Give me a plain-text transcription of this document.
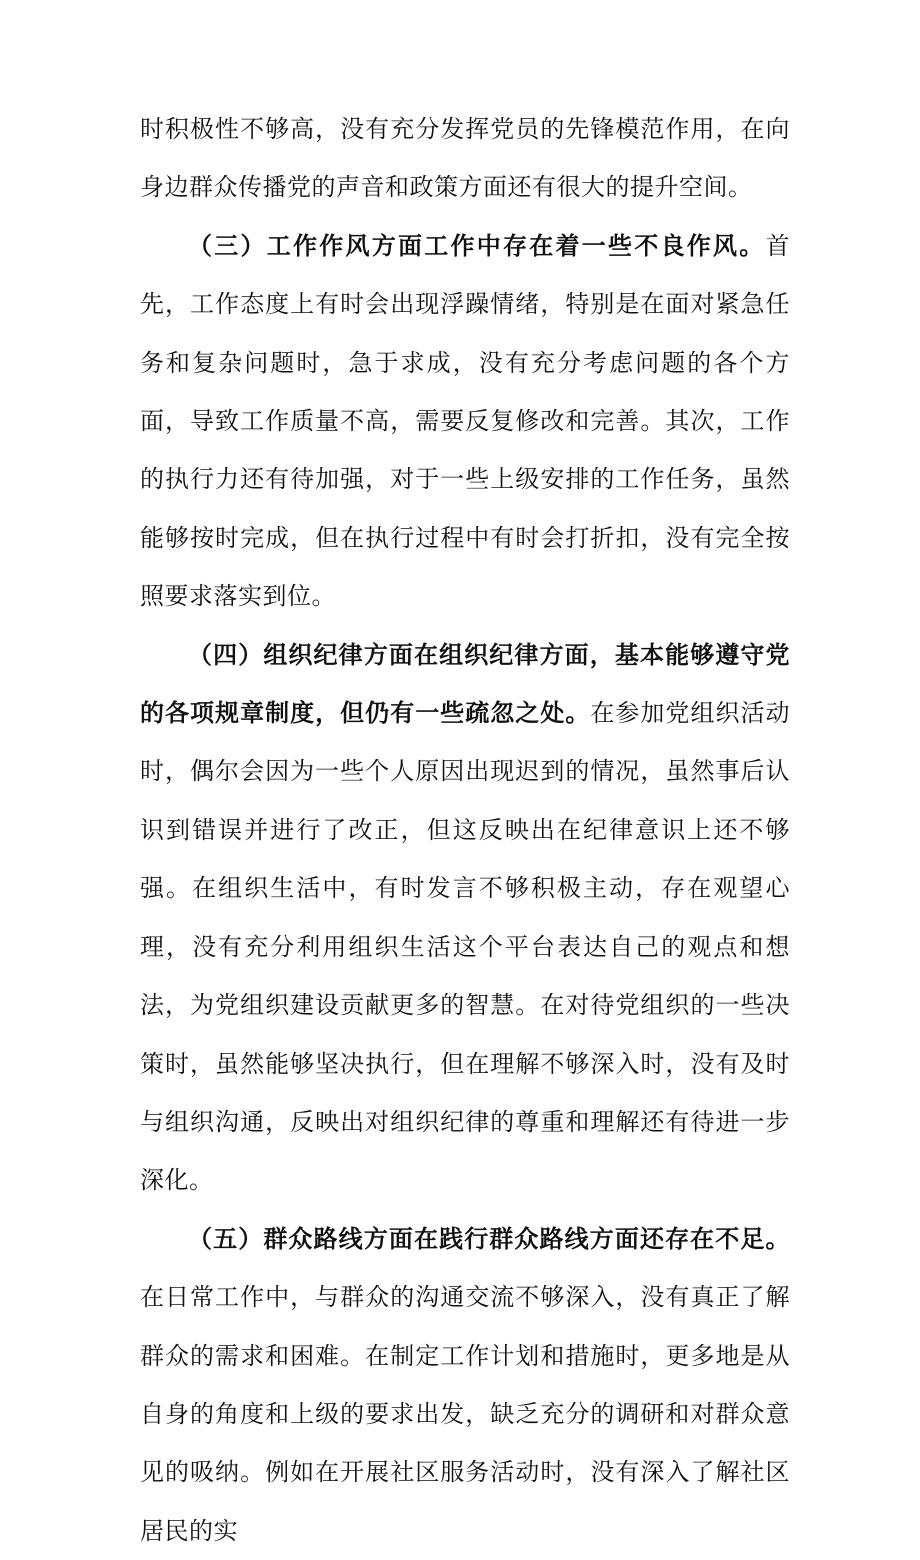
时积极性不够高，没有充分发挥党员的先锋模范作用，在向身边群众传播党的声音和政策方面还有很大的提升空间。

（三）工作作风方面工作中存在着一些不良作风。首先，工作态度上有时会出现浮躁情绪，特别是在面对紧急任务和复杂问题时，急于求成，没有充分考虑问题的各个方面，导致工作质量不高，需要反复修改和完善。其次，工作的执行力还有待加强，对于一些上级安排的工作任务，虽然能够按时完成，但在执行过程中有时会打折扣，没有完全按照要求落实到位。

（四）组织纪律方面在组织纪律方面，基本能够遵守党的各项规章制度，但仍有一些疏忽之处。在参加党组织活动时，偶尔会因为一些个人原因出现迟到的情况，虽然事后认识到错误并进行了改正，但这反映出在纪律意识上还不够强。在组织生活中，有时发言不够积极主动，存在观望心理，没有充分利用组织生活这个平台表达自己的观点和想法，为党组织建设贡献更多的智慧。在对待党组织的一些决策时，虽然能够坚决执行，但在理解不够深入时，没有及时与组织沟通，反映出对组织纪律的尊重和理解还有待进一步深化。

（五）群众路线方面在践行群众路线方面还存在不足。在日常工作中，与群众的沟通交流不够深入，没有真正了解群众的需求和困难。在制定工作计划和措施时，更多地是从自身的角度和上级的要求出发，缺乏充分的调研和对群众意见的吸纳。例如在开展社区服务活动时，没有深入了解社区居民的实
